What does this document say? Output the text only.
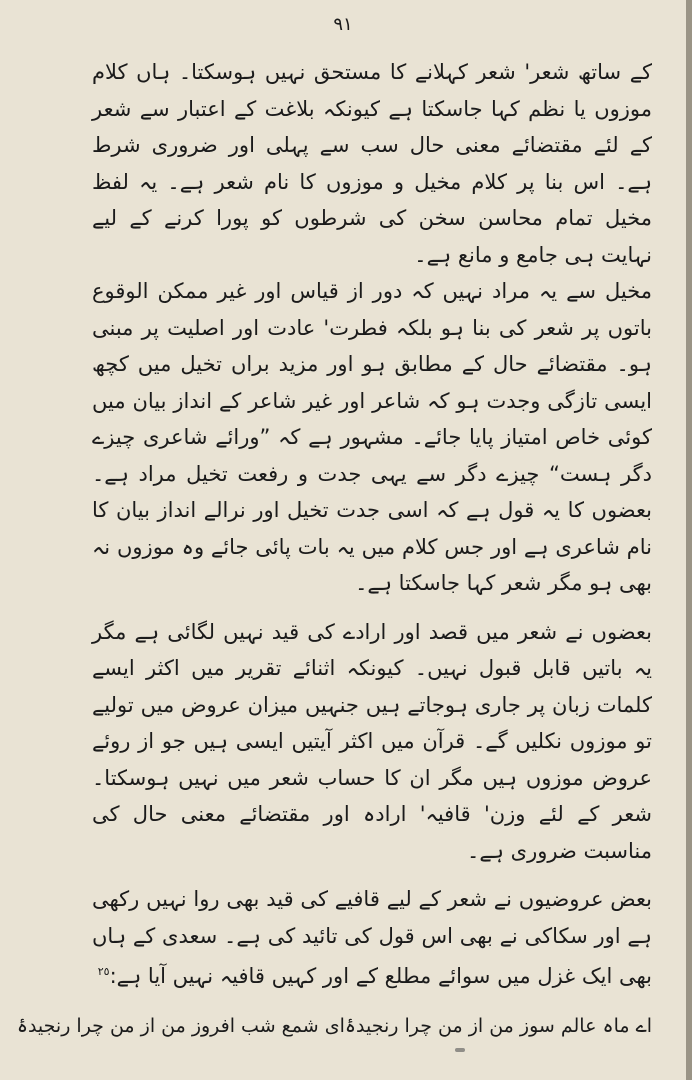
٩١

کے ساتھ شعر' شعر کہلانے کا مستحق نہیں ہوسکتا۔ ہاں کلام موزوں یا نظم کہا جاسکتا ہے کیونکہ بلاغت کے اعتبار سے شعر کے لئے مقتضائے معنی حال سب سے پہلی اور ضروری شرط ہے۔ اس بنا پر کلام مخیل و موزوں کا نام شعر ہے۔ یہ لفظ مخیل تمام محاسن سخن کی شرطوں کو پورا کرنے کے لیے نہایت ہی جامع و مانع ہے۔

مخیل سے یہ مراد نہیں کہ دور از قیاس اور غیر ممکن الوقوع باتوں پر شعر کی بنا ہو بلکہ فطرت' عادت اور اصلیت پر مبنی ہو۔ مقتضائے حال کے مطابق ہو اور مزید براں تخیل میں کچھ ایسی تازگی وجدت ہو کہ شاعر اور غیر شاعر کے انداز بیان میں کوئی خاص امتیاز پایا جائے۔ مشہور ہے کہ ”ورائے شاعری چیزے دگر ہست“ چیزے دگر سے یہی جدت و رفعت تخیل مراد ہے۔ بعضوں کا یہ قول ہے کہ اسی جدت تخیل اور نرالے انداز بیان کا نام شاعری ہے اور جس کلام میں یہ بات پائی جائے وہ موزوں نہ بھی ہو مگر شعر کہا جاسکتا ہے۔

بعضوں نے شعر میں قصد اور ارادے کی قید نہیں لگائی ہے مگر یہ باتیں قابل قبول نہیں۔ کیونکہ اثنائے تقریر میں اکثر ایسے کلمات زبان پر جاری ہوجاتے ہیں جنہیں میزان عروض میں تولیے تو موزوں نکلیں گے۔ قرآن میں اکثر آیتیں ایسی ہیں جو از روئے عروض موزوں ہیں مگر ان کا حساب شعر میں نہیں ہوسکتا۔ شعر کے لئے وزن' قافیہ' ارادہ اور مقتضائے معنی حال کی مناسبت ضروری ہے۔

بعض عروضیوں نے شعر کے لیے قافیے کی قید بھی روا نہیں رکھی ہے اور سکاکی نے بھی اس قول کی تائید کی ہے۔ سعدی کے ہاں بھی ایک غزل میں سوائے مطلع کے اور کہیں قافیہ نہیں آیا ہے:$^{٢٥}$

اے ماہ عالم سوز من از من چرا رنجیدۂ
ای شمع شب افروز من از من چرا رنجیدۂ
